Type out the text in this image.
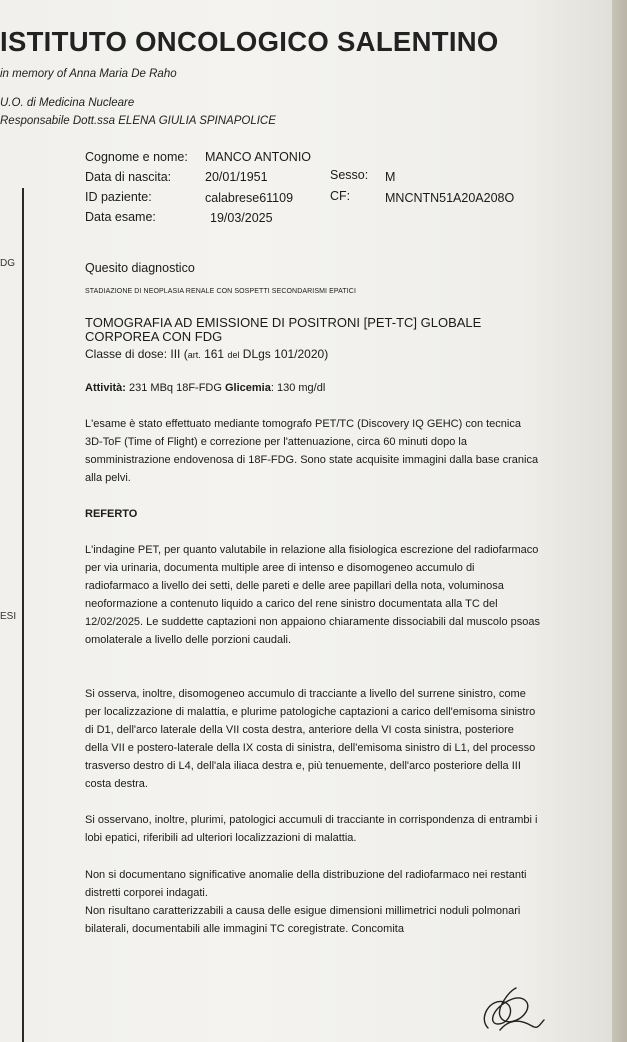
ISTITUTO ONCOLOGICO SALENTINO
in memory of Anna Maria De Raho
U.O. di Medicina Nucleare
Responsabile Dott.ssa ELENA GIULIA SPINAPOLICE
DG
ESI
Cognome e nome: MANCO ANTONIO
Data di nascita:	20/01/1951	Sesso: M
ID paziente:	calabrese61109	CF:	MNCNTN51A20A208O
Data esame:	19/03/2025
Quesito diagnostico
STADIAZIONE DI NEOPLASIA RENALE CON SOSPETTI SECONDARISMI EPATICI

TOMOGRAFIA AD EMISSIONE DI POSITRONI [PET-TC] GLOBALE CORPOREA CON FDG

Classe di dose: III (art. 161 del DLgs 101/2020)
Attività: 231 MBq 18F-FDG Glicemia: 130 mg/dl

L'esame è stato effettuato mediante tomografo PET/TC (Discovery IQ GEHC) con tecnica 3D-ToF (Time of Flight) e correzione per l'attenuazione, circa 60 minuti dopo la somministrazione endovenosa di 18F-FDG. Sono state acquisite immagini dalla base cranica alla pelvi.

REFERTO

L'indagine PET, per quanto valutabile in relazione alla fisiologica escrezione del radiofarmaco per via urinaria, documenta multiple aree di intenso e disomogeneo accumulo di radiofarmaco a livello dei setti, delle pareti e delle aree papillari della nota, voluminosa neoformazione a contenuto liquido a carico del rene sinistro documentata alla TC del 12/02/2025. Le suddette captazioni non appaiono chiaramente dissociabili dal muscolo psoas omolaterale a livello delle porzioni caudali.

Si osserva, inoltre, disomogeneo accumulo di tracciante a livello del surrene sinistro, come per localizzazione di malattia, e plurime patologiche captazioni a carico dell'emisoma sinistro di D1, dell'arco laterale della VII costa destra, anteriore della VI costa sinistra, posteriore della VII e postero-laterale della IX costa di sinistra, dell'emisoma sinistro di L1, del processo trasverso destro di L4, dell'ala iliaca destra e, più tenuemente, dell'arco posteriore della III costa destra.

Si osservano, inoltre, plurimi, patologici accumuli di tracciante in corrispondenza di entrambi i lobi epatici, riferibili ad ulteriori localizzazioni di malattia.

Non si documentano significative anomalie della distribuzione del radiofarmaco nei restanti distretti corporei indagati.

Non risultano caratterizzabili a causa delle esigue dimensioni millimetrici noduli polmonari bilaterali, documentabili alle immagini TC coregistrate. Concomita
